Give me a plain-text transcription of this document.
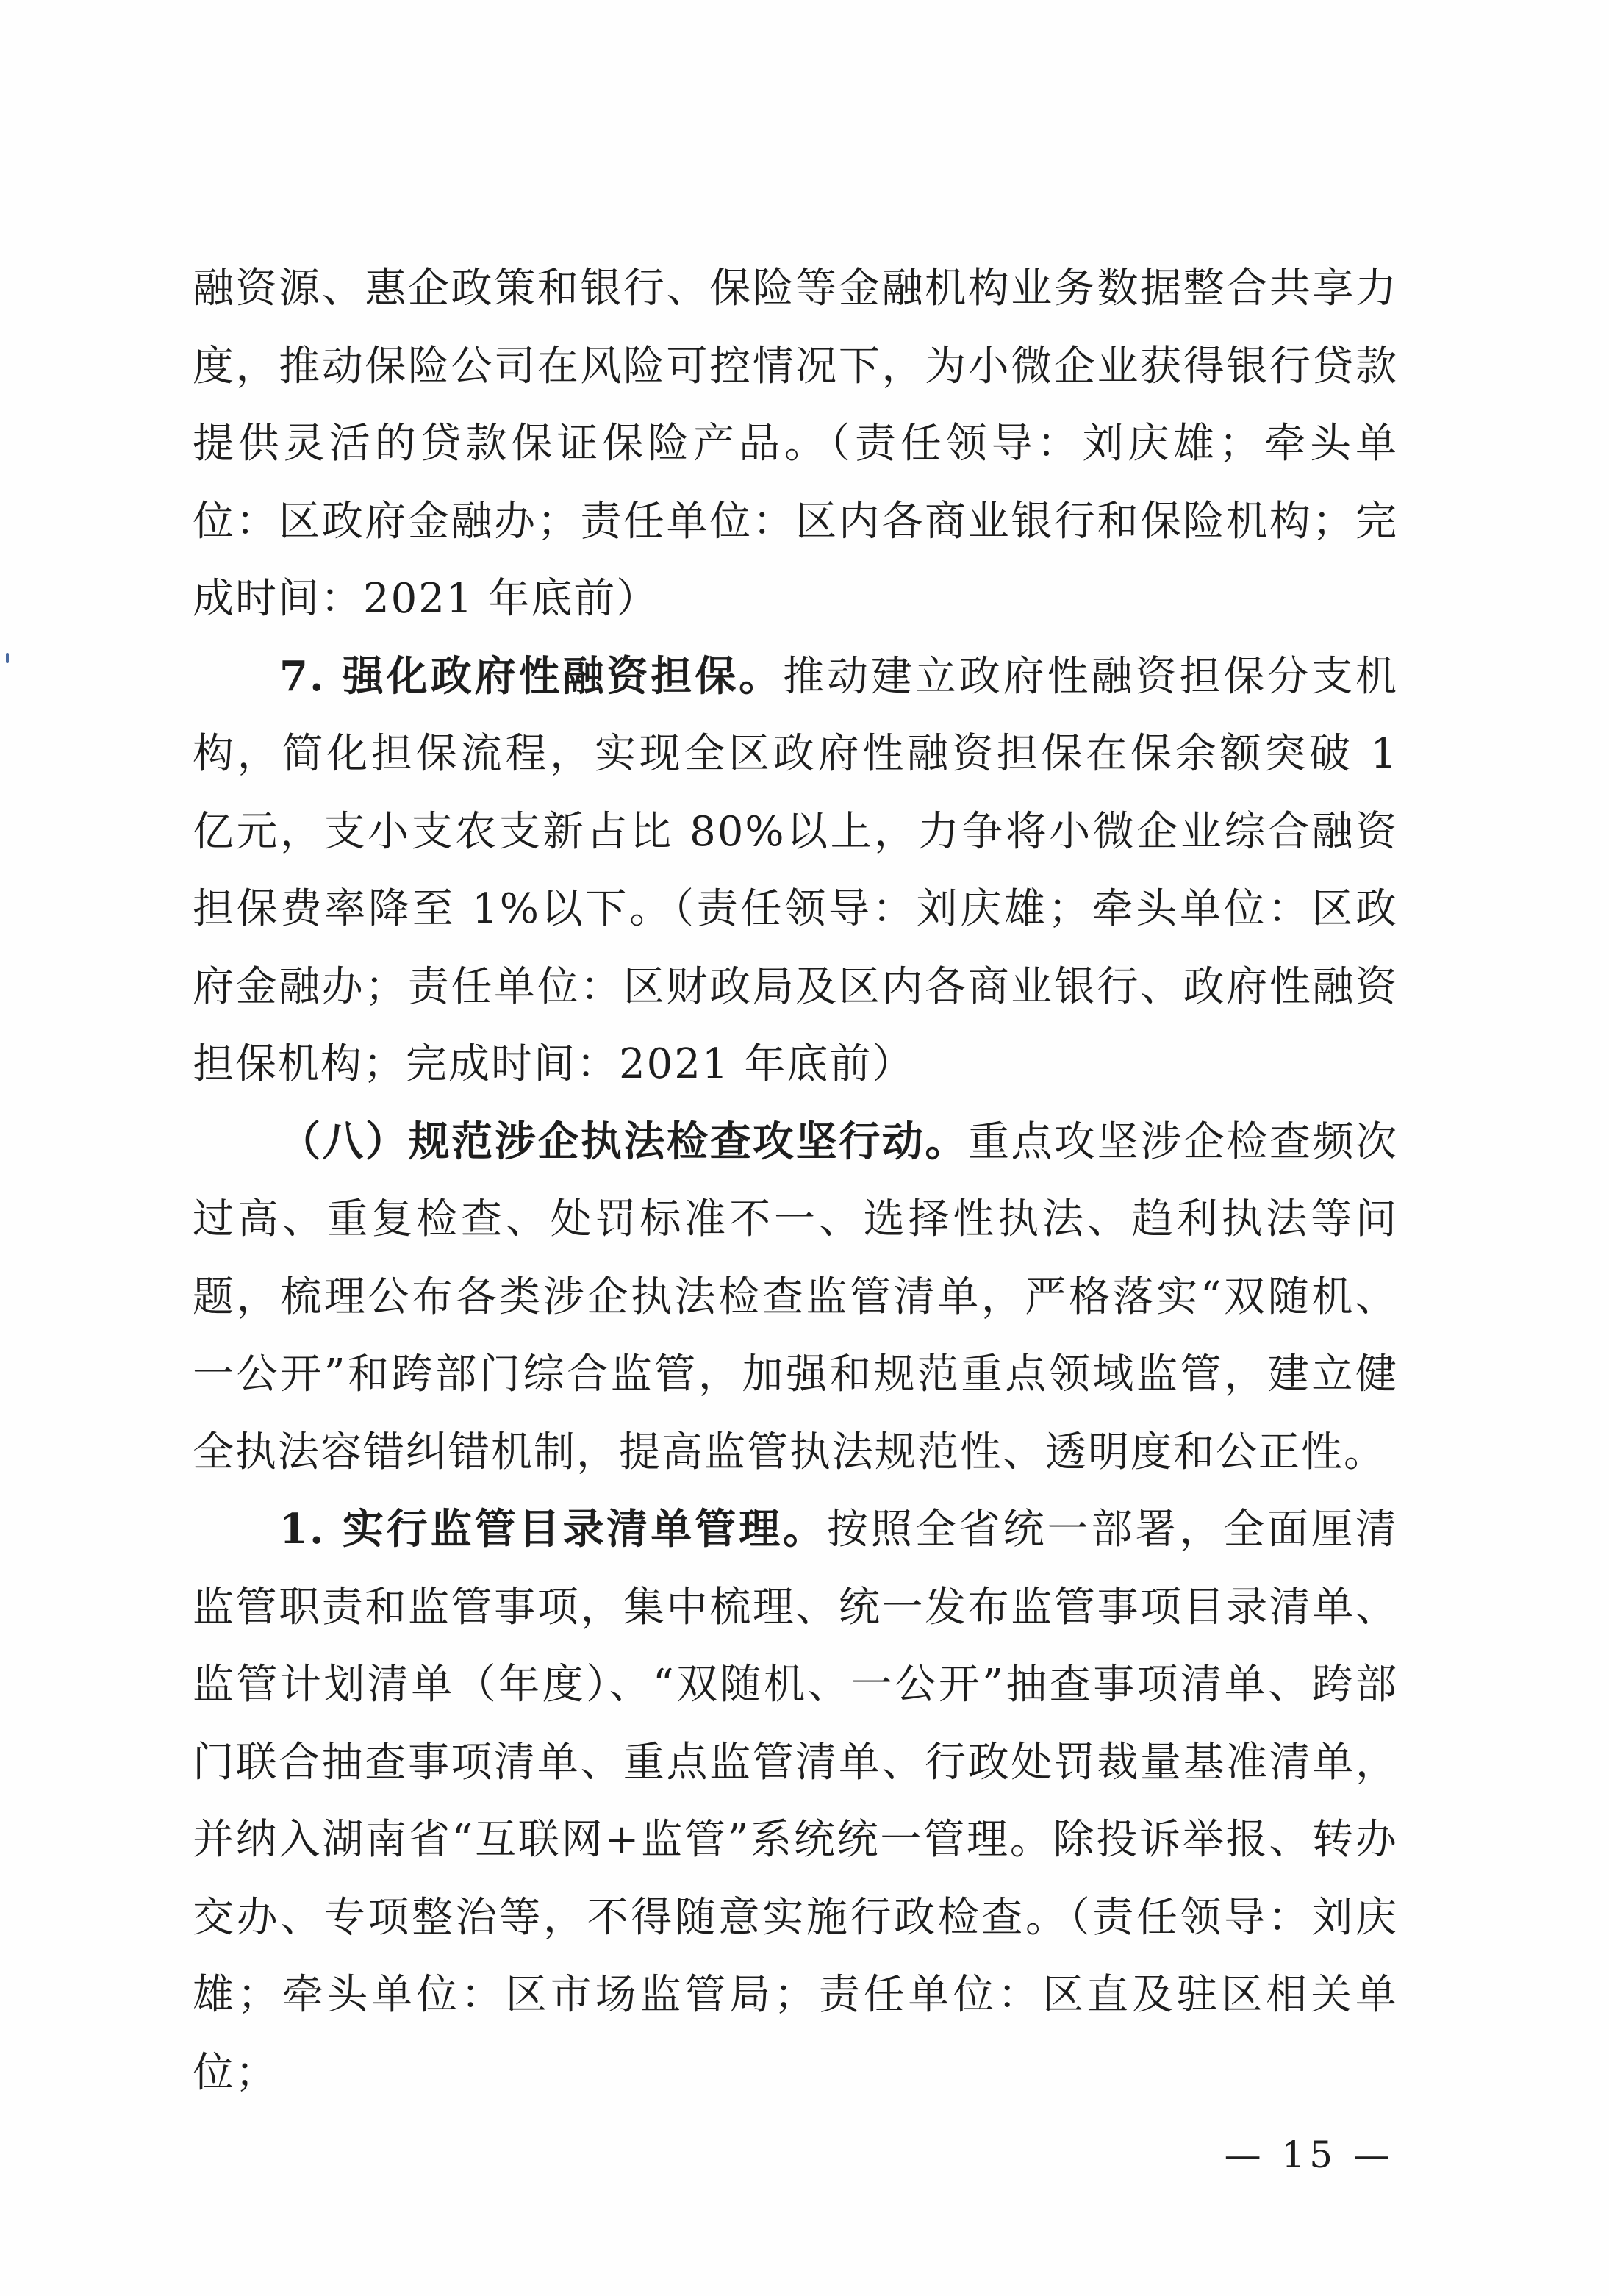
融资源、惠企政策和银行、保险等金融机构业务数据整合共享力度，推动保险公司在风险可控情况下，为小微企业获得银行贷款提供灵活的贷款保证保险产品。（责任领导：刘庆雄；牵头单位：区政府金融办；责任单位：区内各商业银行和保险机构；完成时间：2021 年底前）

7. 强化政府性融资担保。推动建立政府性融资担保分支机构，简化担保流程，实现全区政府性融资担保在保余额突破 1 亿元，支小支农支新占比 80%以上，力争将小微企业综合融资担保费率降至 1%以下。（责任领导：刘庆雄；牵头单位：区政府金融办；责任单位：区财政局及区内各商业银行、政府性融资担保机构；完成时间：2021 年底前）

（八）规范涉企执法检查攻坚行动。重点攻坚涉企检查频次过高、重复检查、处罚标准不一、选择性执法、趋利执法等问题，梳理公布各类涉企执法检查监管清单，严格落实“双随机、一公开”和跨部门综合监管，加强和规范重点领域监管，建立健全执法容错纠错机制，提高监管执法规范性、透明度和公正性。

1. 实行监管目录清单管理。按照全省统一部署，全面厘清监管职责和监管事项，集中梳理、统一发布监管事项目录清单、监管计划清单（年度）、“双随机、一公开”抽查事项清单、跨部门联合抽查事项清单、重点监管清单、行政处罚裁量基准清单，并纳入湖南省“互联网+监管”系统统一管理。除投诉举报、转办交办、专项整治等，不得随意实施行政检查。（责任领导：刘庆雄；牵头单位：区市场监管局；责任单位：区直及驻区相关单位；

— 15 —
